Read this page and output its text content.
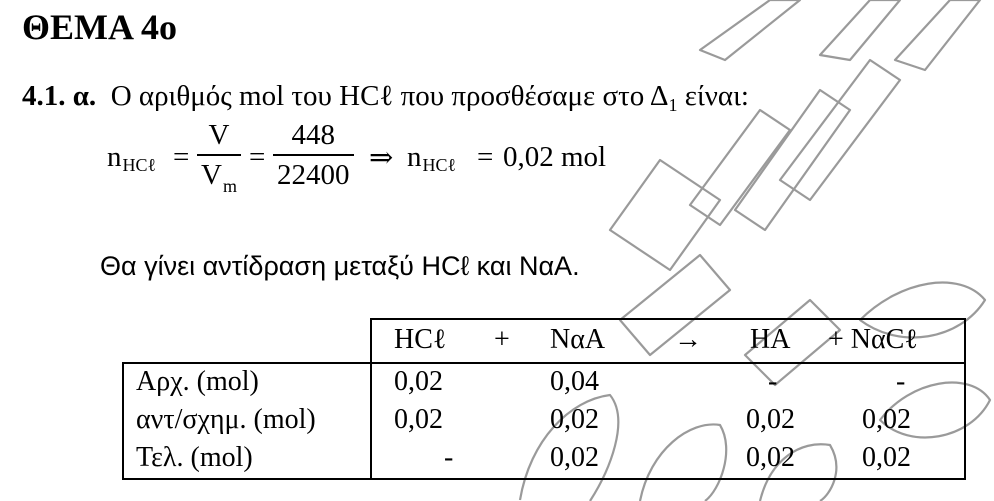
ΘΕΜΑ 4ο
4.1. α. Ο αριθμός mol του HCℓ που προσθέσαμε στο $\Delta_1$ είναι:
n HCℓ =
V
$V_m$
=
448
22400
⇒ n HCℓ = 0,02 mol
Θα γίνει αντίδραση μεταξύ HCℓ και ΝαΑ.
HCℓ + ΝαΑ → ΗΑ + ΝαCℓ
Αρχ. (mol)	0,02	0,04	-	-
αντ/σχημ. (mol)	0,02	0,02	0,02 0,02
Τελ. (mol)	-	0,02	0,02 0,02
